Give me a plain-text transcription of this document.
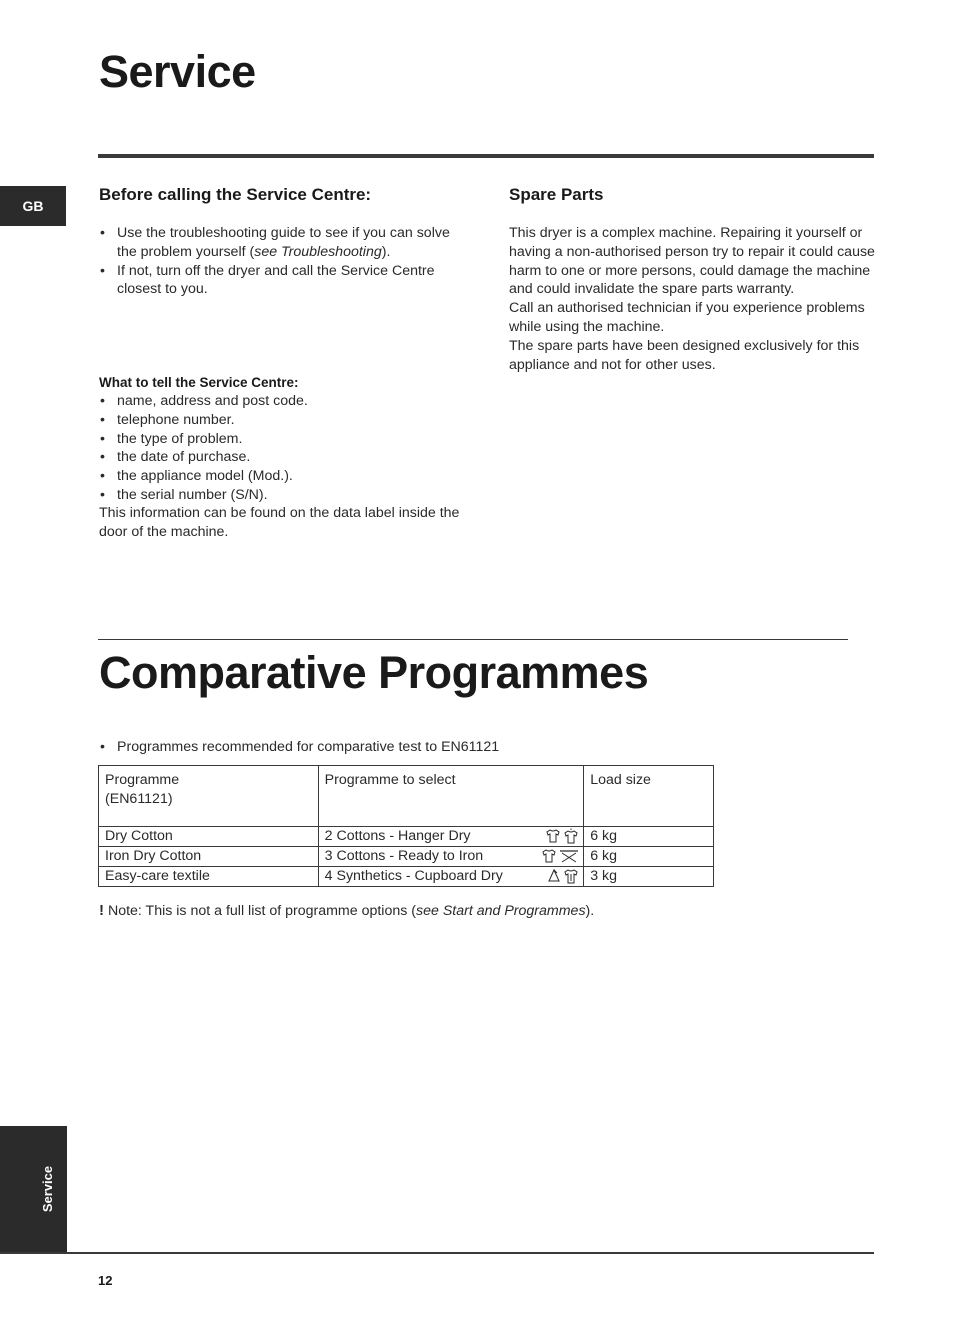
Service
GB
Before calling the Service Centre:
• Use the troubleshooting guide to see if you can solve the problem yourself (see Troubleshooting).
• If not, turn off the dryer and call the Service Centre closest to you.
What to tell the Service Centre:
• name, address and post code.
• telephone number.
• the type of problem.
• the date of purchase.
• the appliance model (Mod.).
• the serial number (S/N).
This information can be found on the data label inside the door of the machine.
Spare Parts
This dryer is a complex machine. Repairing it yourself or having a non-authorised person try to repair it could cause harm to one or more persons, could damage the machine and could invalidate the spare parts warranty.
Call an authorised technician if you experience problems while using the machine.
The spare parts have been designed exclusively for this appliance and not for other uses.
Comparative Programmes
• Programmes recommended for comparative test to EN61121
Programme
(EN61121)	Programme to select	Load size
Dry Cotton	2 Cottons - Hanger Dry	6 kg
Iron Dry Cotton	3 Cottons - Ready to Iron	6 kg
Easy-care textile	4 Synthetics - Cupboard Dry	3 kg
! Note: This is not a full list of programme options (see Start and Programmes).
Service
12
